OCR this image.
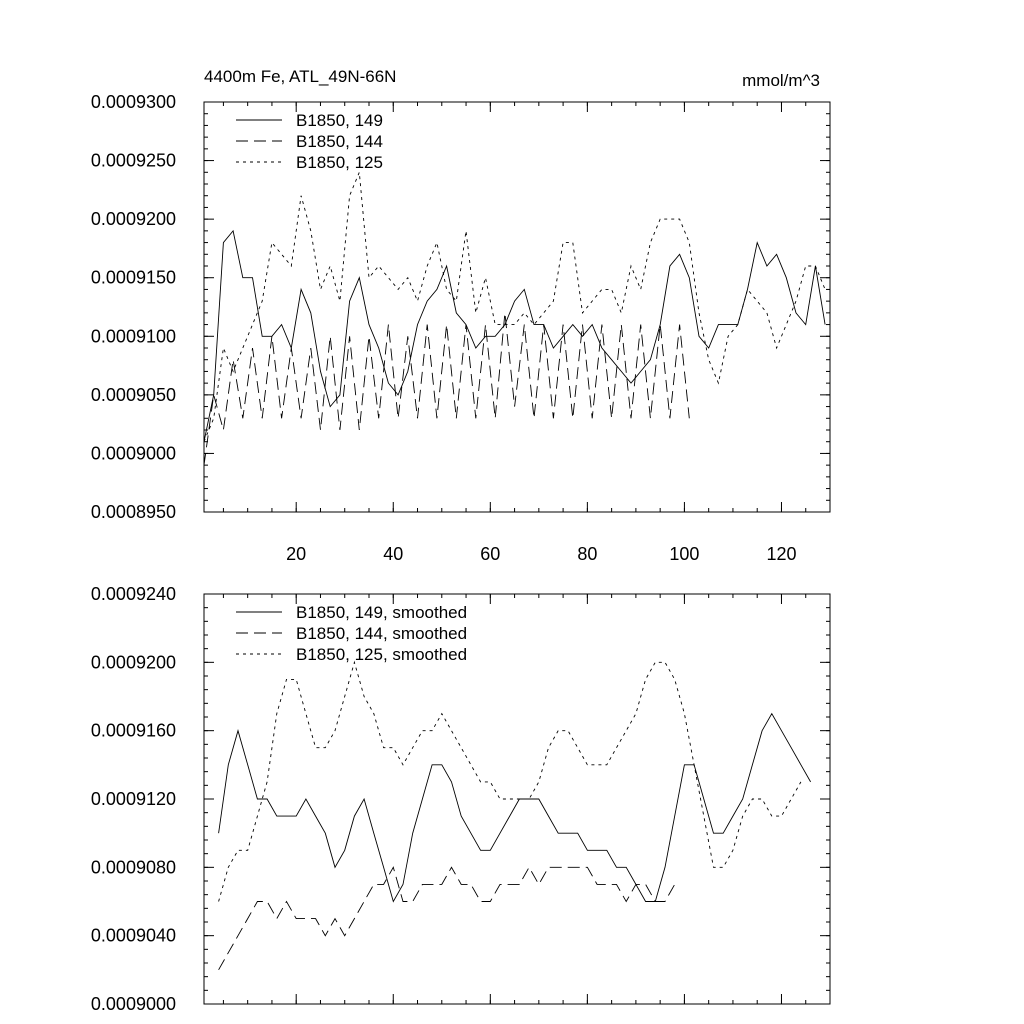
4400m Fe, ATL_49N-66N	mmol/m^3
0.0008950
0.0009000
0.0009050
0.0009100
0.0009150
0.0009200
0.0009250
0.0009300
20	40	60	80	100	120
B1850, 149
B1850, 144
B1850, 125
0.0009000
0.0009040
0.0009080
0.0009120
0.0009160
0.0009200
0.0009240
B1850, 149, smoothed
B1850, 144, smoothed
B1850, 125, smoothed
